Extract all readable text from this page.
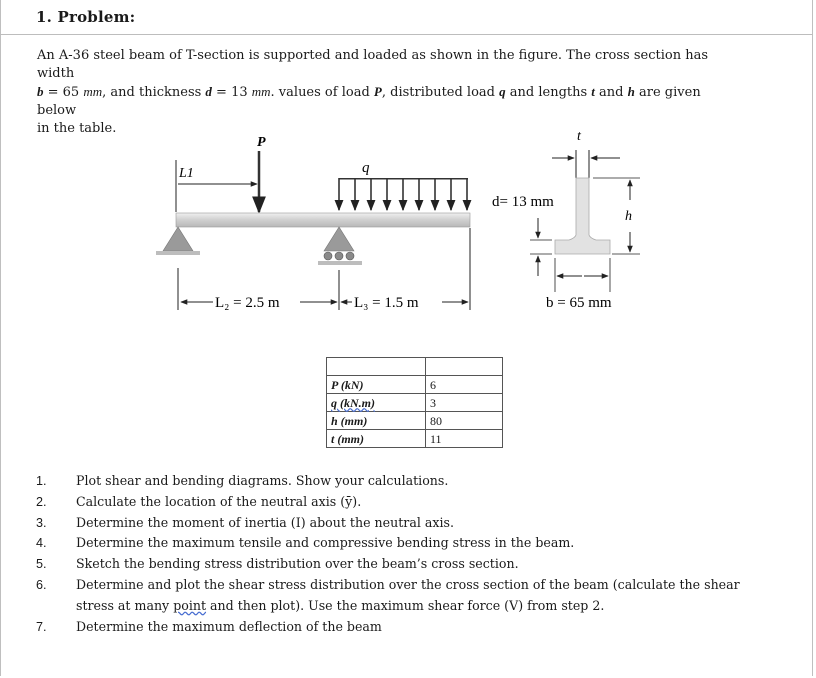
1. Problem:
An A-36 steel beam of T-section is supported and loaded as shown in the figure. The cross section has width
b = 65 mm, and thickness d = 13 mm. values of load P, distributed load q and lengths t and h are given below
in the table.
L1
P
q
L₂ = 2.5 m	L₃ = 1.5 m
t
h
d= 13 mm
b = 65 mm

P (kN)	6
q (kN.m)	3
h (mm)	80
t (mm)	11
1. Plot shear and bending diagrams. Show your calculations.
2. Calculate the location of the neutral axis (ȳ).
3. Determine the moment of inertia (I) about the neutral axis.
4. Determine the maximum tensile and compressive bending stress in the beam.
5. Sketch the bending stress distribution over the beam’s cross section.
6. Determine and plot the shear stress distribution over the cross section of the beam (calculate the shear
stress at many point and then plot). Use the maximum shear force (V) from step 2.
7. Determine the maximum deflection of the beam
